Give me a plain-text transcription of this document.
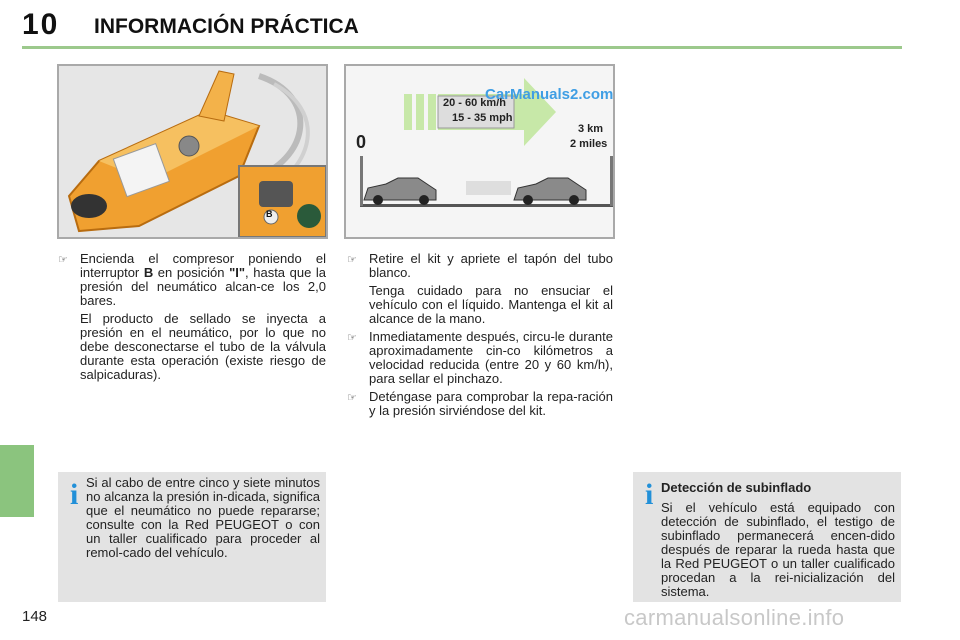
10 INFORMACIÓN PRÁCTICA
B
20 - 60 km/h
15 - 35 mph
3 km
2 miles
0
CarManuals2.com
☞ Encienda el compresor poniendo el interruptor B en posición "I", hasta que la presión del neumático alcan-ce los 2,0 bares.

El producto de sellado se inyecta a presión en el neumático, por lo que no debe desconectarse el tubo de la válvula durante esta operación (existe riesgo de salpicaduras).

☞ Retire el kit y apriete el tapón del tubo blanco.

Tenga cuidado para no ensuciar el vehículo con el líquido. Mantenga el kit al alcance de la mano.

☞ Inmediatamente después, circu-le durante aproximadamente cin-co kilómetros a velocidad reducida (entre 20 y 60 km/h), para sellar el pinchazo.

☞ Deténgase para comprobar la repa-ración y la presión sirviéndose del kit.

i Si al cabo de entre cinco y siete minutos no alcanza la presión in-dicada, significa que el neumático no puede repararse; consulte con la Red PEUGEOT o con un taller cualificado para proceder al remol-cado del vehículo.

i Detección de subinflado

Si el vehículo está equipado con detección de subinflado, el testigo de subinflado permanecerá encen-dido después de reparar la rueda hasta que la Red PEUGEOT o un taller cualificado procedan a la rei-nicialización del sistema.

148	carmanualsonline.info
